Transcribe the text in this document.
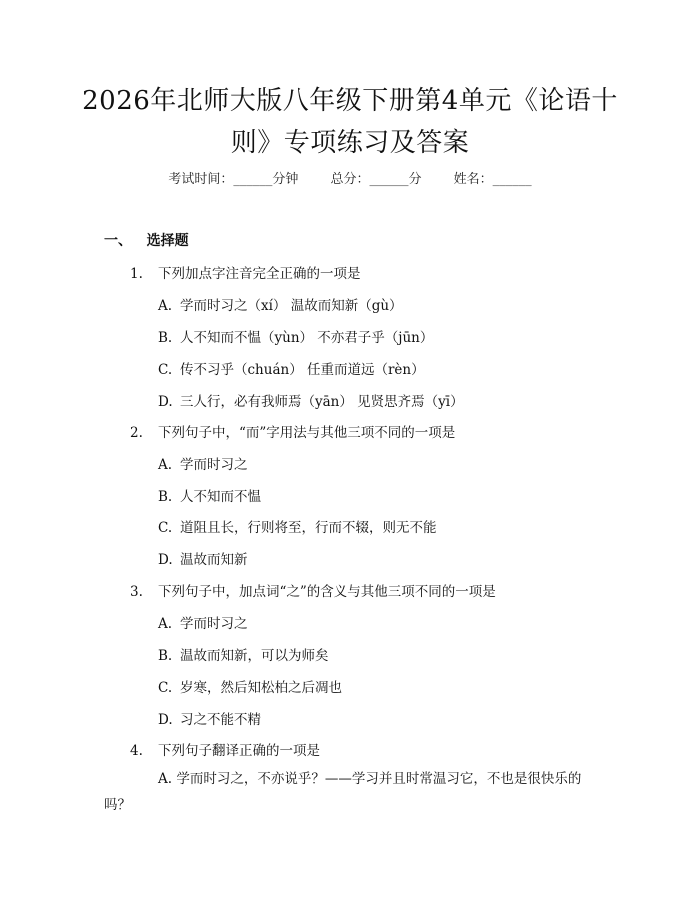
2026年北师大版八年级下册第4单元《论语十则》专项练习及答案
考试时间：______分钟 总分：______分 姓名：______
一、 选择题
1. 下列加点字注音完全正确的一项是
A. 学而时习之（xí） 温故而知新（gù）
B. 人不知而不愠（yùn） 不亦君子乎（jūn）
C. 传不习乎（chuán） 任重而道远（rèn）
D. 三人行，必有我师焉（yān） 见贤思齐焉（yī）
2. 下列句子中，“而”字用法与其他三项不同的一项是
A. 学而时习之
B. 人不知而不愠
C. 道阻且长，行则将至，行而不辍，则无不能
D. 温故而知新
3. 下列句子中，加点词“之”的含义与其他三项不同的一项是
A. 学而时习之
B. 温故而知新，可以为师矣
C. 岁寒，然后知松柏之后凋也
D. 习之不能不精
4. 下列句子翻译正确的一项是
A. 学而时习之，不亦说乎？——学习并且时常温习它，不也是很快乐的吗？
